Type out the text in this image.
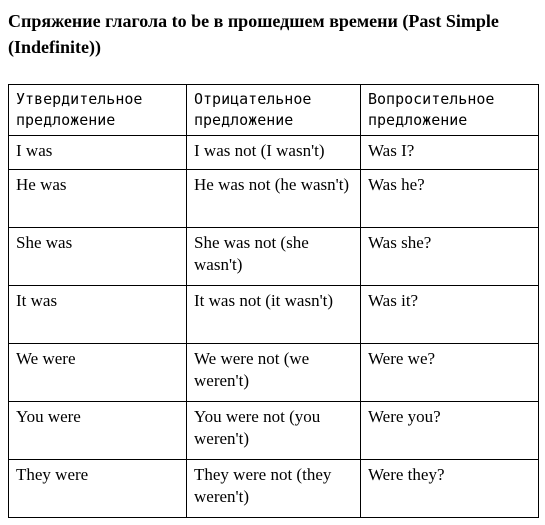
Спряжение глагола to be в прошедшем времени (Past Simple (Indefinite))
Утвердительное предложение	Отрицательное предложение	Вопросительное предложение
I was	I was not (I wasn't)	Was I?
He was	He was not (he wasn't)	Was he?
She was	She was not (she wasn't)	Was she?
It was	It was not (it wasn't)	Was it?
We were	We were not (we weren't)	Were we?
You were	You were not (you weren't)	Were you?
They were	They were not (they weren't)	Were they?
